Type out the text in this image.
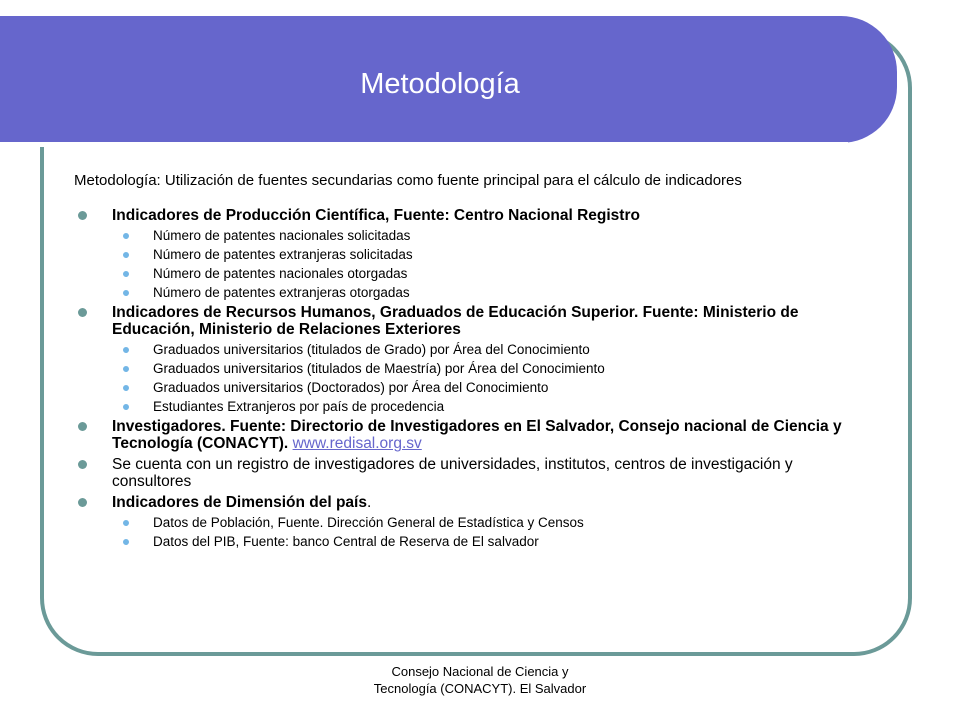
Metodología
Metodología: Utilización de fuentes secundarias como fuente principal para el cálculo de indicadores
Indicadores de Producción Científica, Fuente: Centro Nacional Registro
Número de patentes nacionales solicitadas
Número de patentes extranjeras solicitadas
Número de patentes nacionales otorgadas
Número de patentes extranjeras otorgadas
Indicadores de Recursos Humanos, Graduados de Educación Superior. Fuente: Ministerio de Educación, Ministerio de Relaciones Exteriores
Graduados universitarios (titulados de Grado) por Área del Conocimiento
Graduados universitarios (titulados de Maestría) por Área del Conocimiento
Graduados universitarios (Doctorados) por Área del Conocimiento
Estudiantes Extranjeros por país de procedencia
Investigadores. Fuente: Directorio de Investigadores en El Salvador, Consejo nacional de Ciencia y Tecnología (CONACYT). www.redisal.org.sv
Se cuenta con un registro de investigadores de universidades, institutos, centros de investigación y consultores
Indicadores de Dimensión del país.
Datos de Población, Fuente. Dirección General de Estadística y Censos
Datos del PIB, Fuente: banco Central de Reserva de El salvador
Consejo Nacional de Ciencia y
Tecnología (CONACYT). El Salvador
